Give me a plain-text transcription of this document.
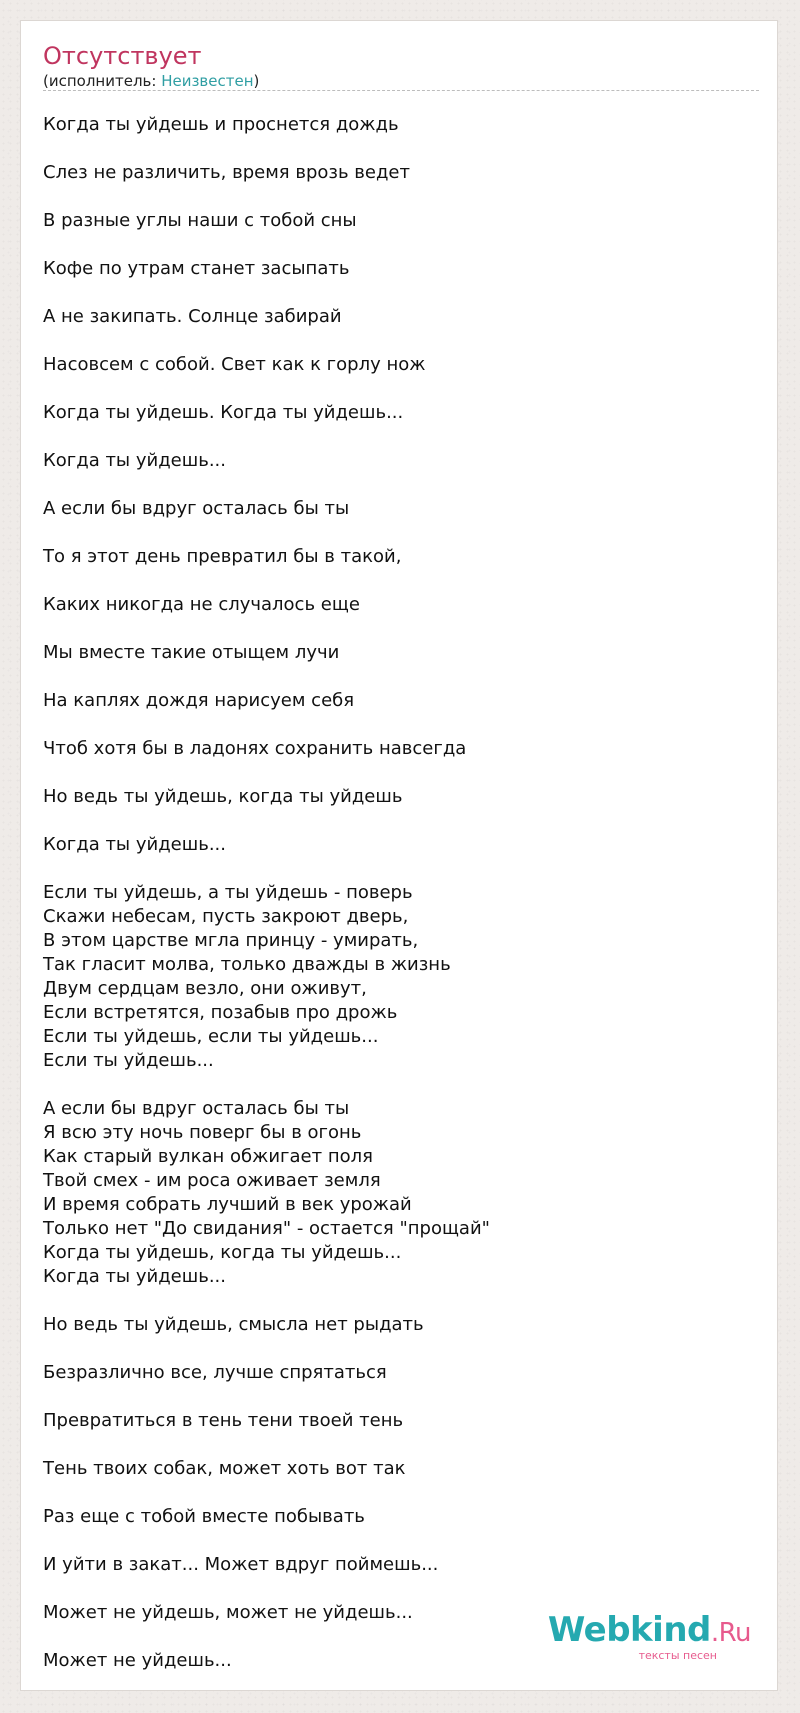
Отсутствует
(исполнитель: Неизвестен)
Когда ты уйдешь и проснется дождь
Слез не различить, время врозь ведет
В разные углы наши с тобой сны
Кофе по утрам станет засыпать
А не закипать. Солнце забирай
Насовсем с собой. Свет как к горлу нож
Когда ты уйдешь. Когда ты уйдешь...
Когда ты уйдешь...
А если бы вдруг осталась бы ты
То я этот день превратил бы в такой,
Каких никогда не случалось еще
Мы вместе такие отыщем лучи
На каплях дождя нарисуем себя
Чтоб хотя бы в ладонях сохранить навсегда
Но ведь ты уйдешь, когда ты уйдешь
Когда ты уйдешь...
Если ты уйдешь, а ты уйдешь - поверь
Скажи небесам, пусть закроют дверь,
В этом царстве мгла принцу - умирать,
Так гласит молва, только дважды в жизнь
Двум сердцам везло, они оживут,
Если встретятся, позабыв про дрожь
Если ты уйдешь, если ты уйдешь...
Если ты уйдешь...
А если бы вдруг осталась бы ты
Я всю эту ночь поверг бы в огонь
Как старый вулкан обжигает поля
Твой смех - им роса оживает земля
И время собрать лучший в век урожай
Только нет "До свидания" - остается "прощай"
Когда ты уйдешь, когда ты уйдешь...
Когда ты уйдешь...
Но ведь ты уйдешь, смысла нет рыдать
Безразлично все, лучше спрятаться
Превратиться в тень тени твоей тень
Тень твоих собак, может хоть вот так
Раз еще с тобой вместе побывать
И уйти в закат... Может вдруг поймешь...
Может не уйдешь, может не уйдешь...
Может не уйдешь...
Webkind.Ru
тексты песен
